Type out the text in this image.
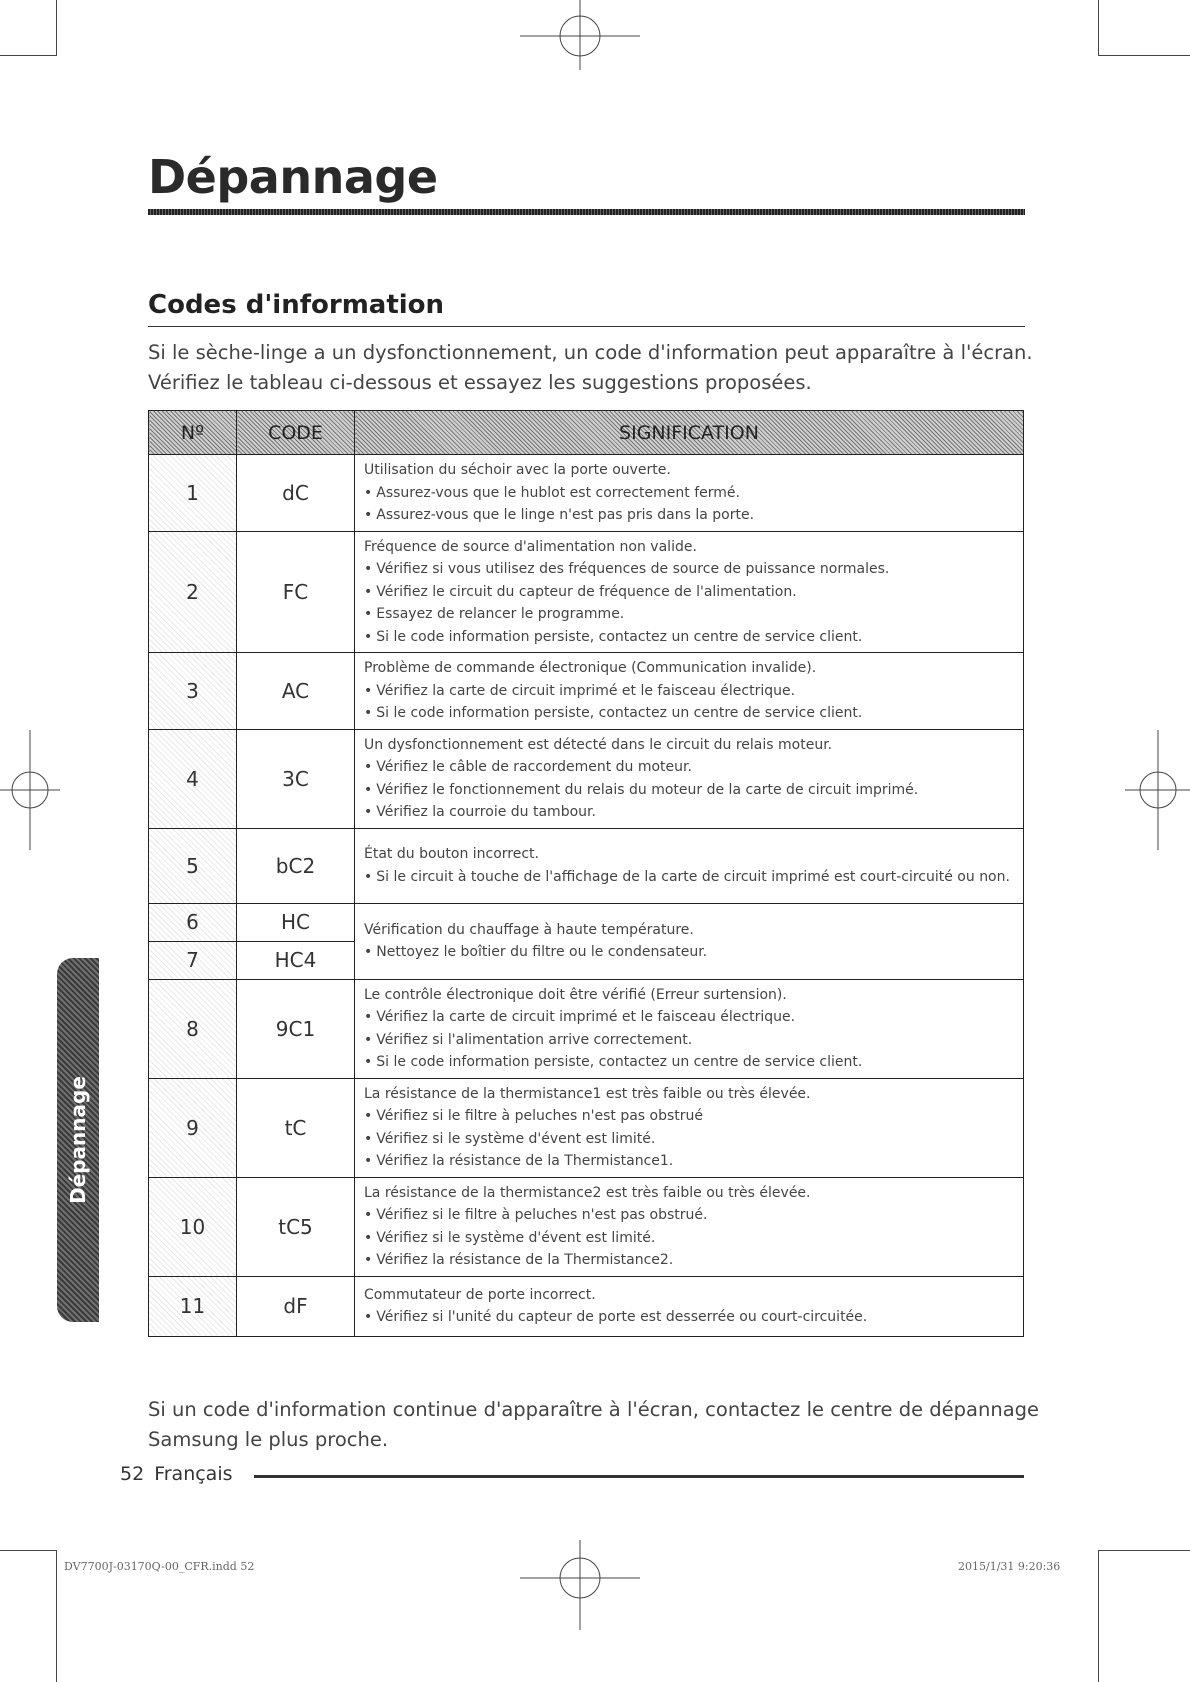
Dépannage
Codes d'information

Si le sèche-linge a un dysfonctionnement, un code d'information peut apparaître à l'écran.

Vérifiez le tableau ci-dessous et essayez les suggestions proposées.

Nº	CODE	SIGNIFICATION
1	dC	Utilisation du séchoir avec la porte ouverte.
• Assurez-vous que le hublot est correctement fermé.
• Assurez-vous que le linge n'est pas pris dans la porte.

2	FC	Fréquence de source d'alimentation non valide.
• Vérifiez si vous utilisez des fréquences de source de puissance normales.
• Vérifiez le circuit du capteur de fréquence de l'alimentation.
• Essayez de relancer le programme.
• Si le code information persiste, contactez un centre de service client.

3	AC	Problème de commande électronique (Communication invalide).
• Vérifiez la carte de circuit imprimé et le faisceau électrique.
• Si le code information persiste, contactez un centre de service client.

4	3C	Un dysfonctionnement est détecté dans le circuit du relais moteur.
• Vérifiez le câble de raccordement du moteur.
• Vérifiez le fonctionnement du relais du moteur de la carte de circuit imprimé.
• Vérifiez la courroie du tambour.

5	bC2	État du bouton incorrect.
• Si le circuit à touche de l'affichage de la carte de circuit imprimé est court-circuité ou non.

6	HC	Vérification du chauffage à haute température.
• Nettoyez le boîtier du filtre ou le condensateur.

7	HC4	
8	9C1	Le contrôle électronique doit être vérifié (Erreur surtension).
• Vérifiez la carte de circuit imprimé et le faisceau électrique.
• Vérifiez si l'alimentation arrive correctement.
• Si le code information persiste, contactez un centre de service client.

9	tC	La résistance de la thermistance1 est très faible ou très élevée.
• Vérifiez si le filtre à peluches n'est pas obstrué
• Vérifiez si le système d'évent est limité.
• Vérifiez la résistance de la Thermistance1.

10	tC5	La résistance de la thermistance2 est très faible ou très élevée.
• Vérifiez si le filtre à peluches n'est pas obstrué.
• Vérifiez si le système d'évent est limité.
• Vérifiez la résistance de la Thermistance2.

11	dF	Commutateur de porte incorrect.
• Vérifiez si l'unité du capteur de porte est desserrée ou court-circuitée.

Si un code d'information continue d'apparaître à l'écran, contactez le centre de dépannage Samsung le plus proche.

52 Français
Dépannage
DV7700J-03170Q-00_CFR.indd 52	2015/1/31 9:20:36
